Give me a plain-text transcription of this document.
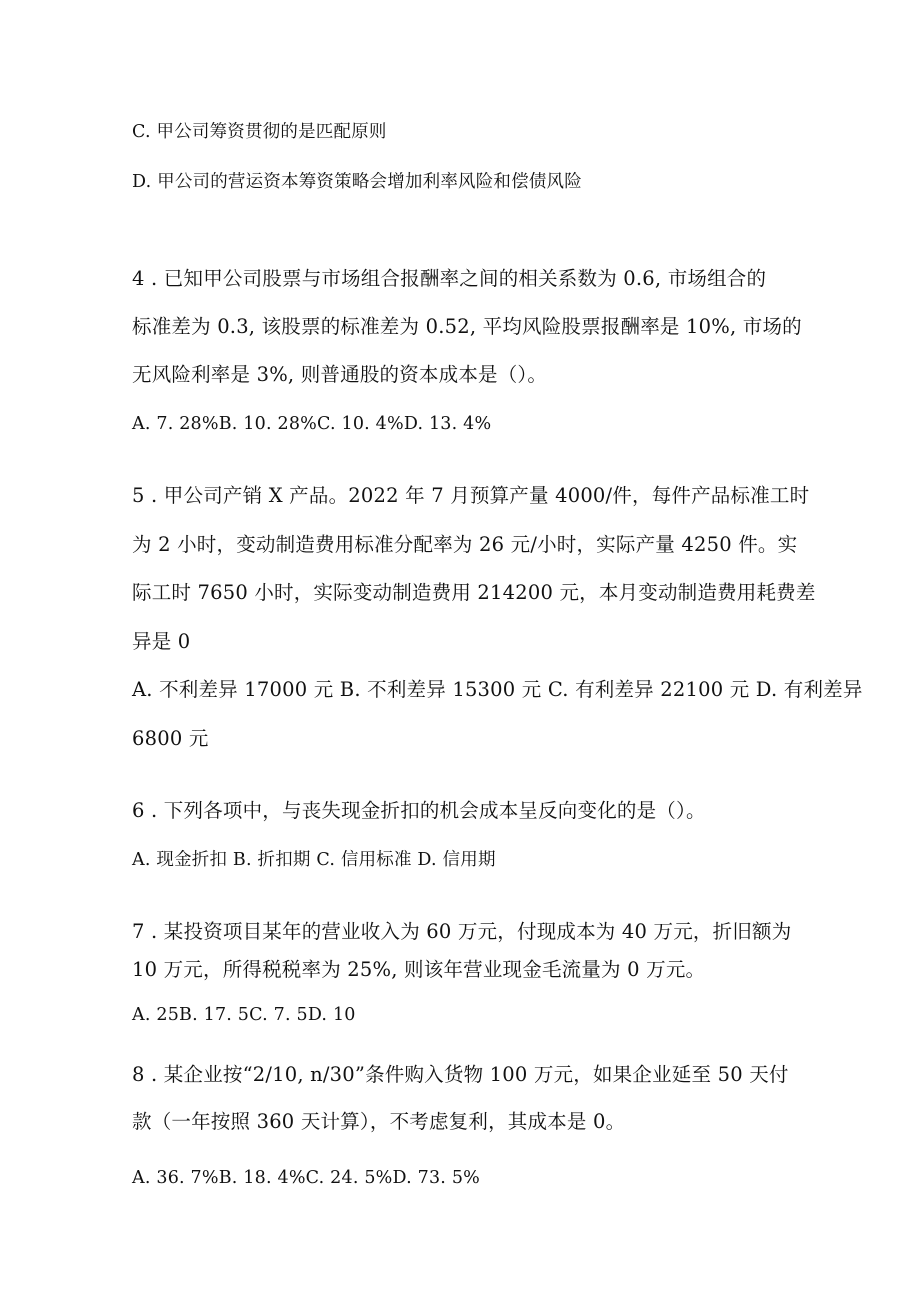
C. 甲公司筹资贯彻的是匹配原则
D. 甲公司的营运资本筹资策略会增加利率风险和偿债风险
4 . 已知甲公司股票与市场组合报酬率之间的相关系数为 0.6, 市场组合的
标准差为 0.3, 该股票的标准差为 0.52, 平均风险股票报酬率是 10%, 市场的
无风险利率是 3%, 则普通股的资本成本是（）。
A. 7. 28%B. 10. 28%C. 10. 4%D. 13. 4%
5 . 甲公司产销 X 产品。2022 年 7 月预算产量 4000/件，每件产品标准工时
为 2 小时，变动制造费用标准分配率为 26 元/小时，实际产量 4250 件。实
际工时 7650 小时，实际变动制造费用 214200 元，本月变动制造费用耗费差
异是 0
A. 不利差异 17000 元 B. 不利差异 15300 元 C. 有利差异 22100 元 D. 有利差异
6800 元
6 . 下列各项中，与丧失现金折扣的机会成本呈反向变化的是（）。
A. 现金折扣 B. 折扣期 C. 信用标准 D. 信用期
7 . 某投资项目某年的营业收入为 60 万元，付现成本为 40 万元，折旧额为
10 万元，所得税税率为 25%, 则该年营业现金毛流量为 0 万元。
A. 25B. 17. 5C. 7. 5D. 10
8 . 某企业按“2/10, n/30”条件购入货物 100 万元，如果企业延至 50 天付
款（一年按照 360 天计算），不考虑复利，其成本是 0。
A. 36. 7%B. 18. 4%C. 24. 5%D. 73. 5%
